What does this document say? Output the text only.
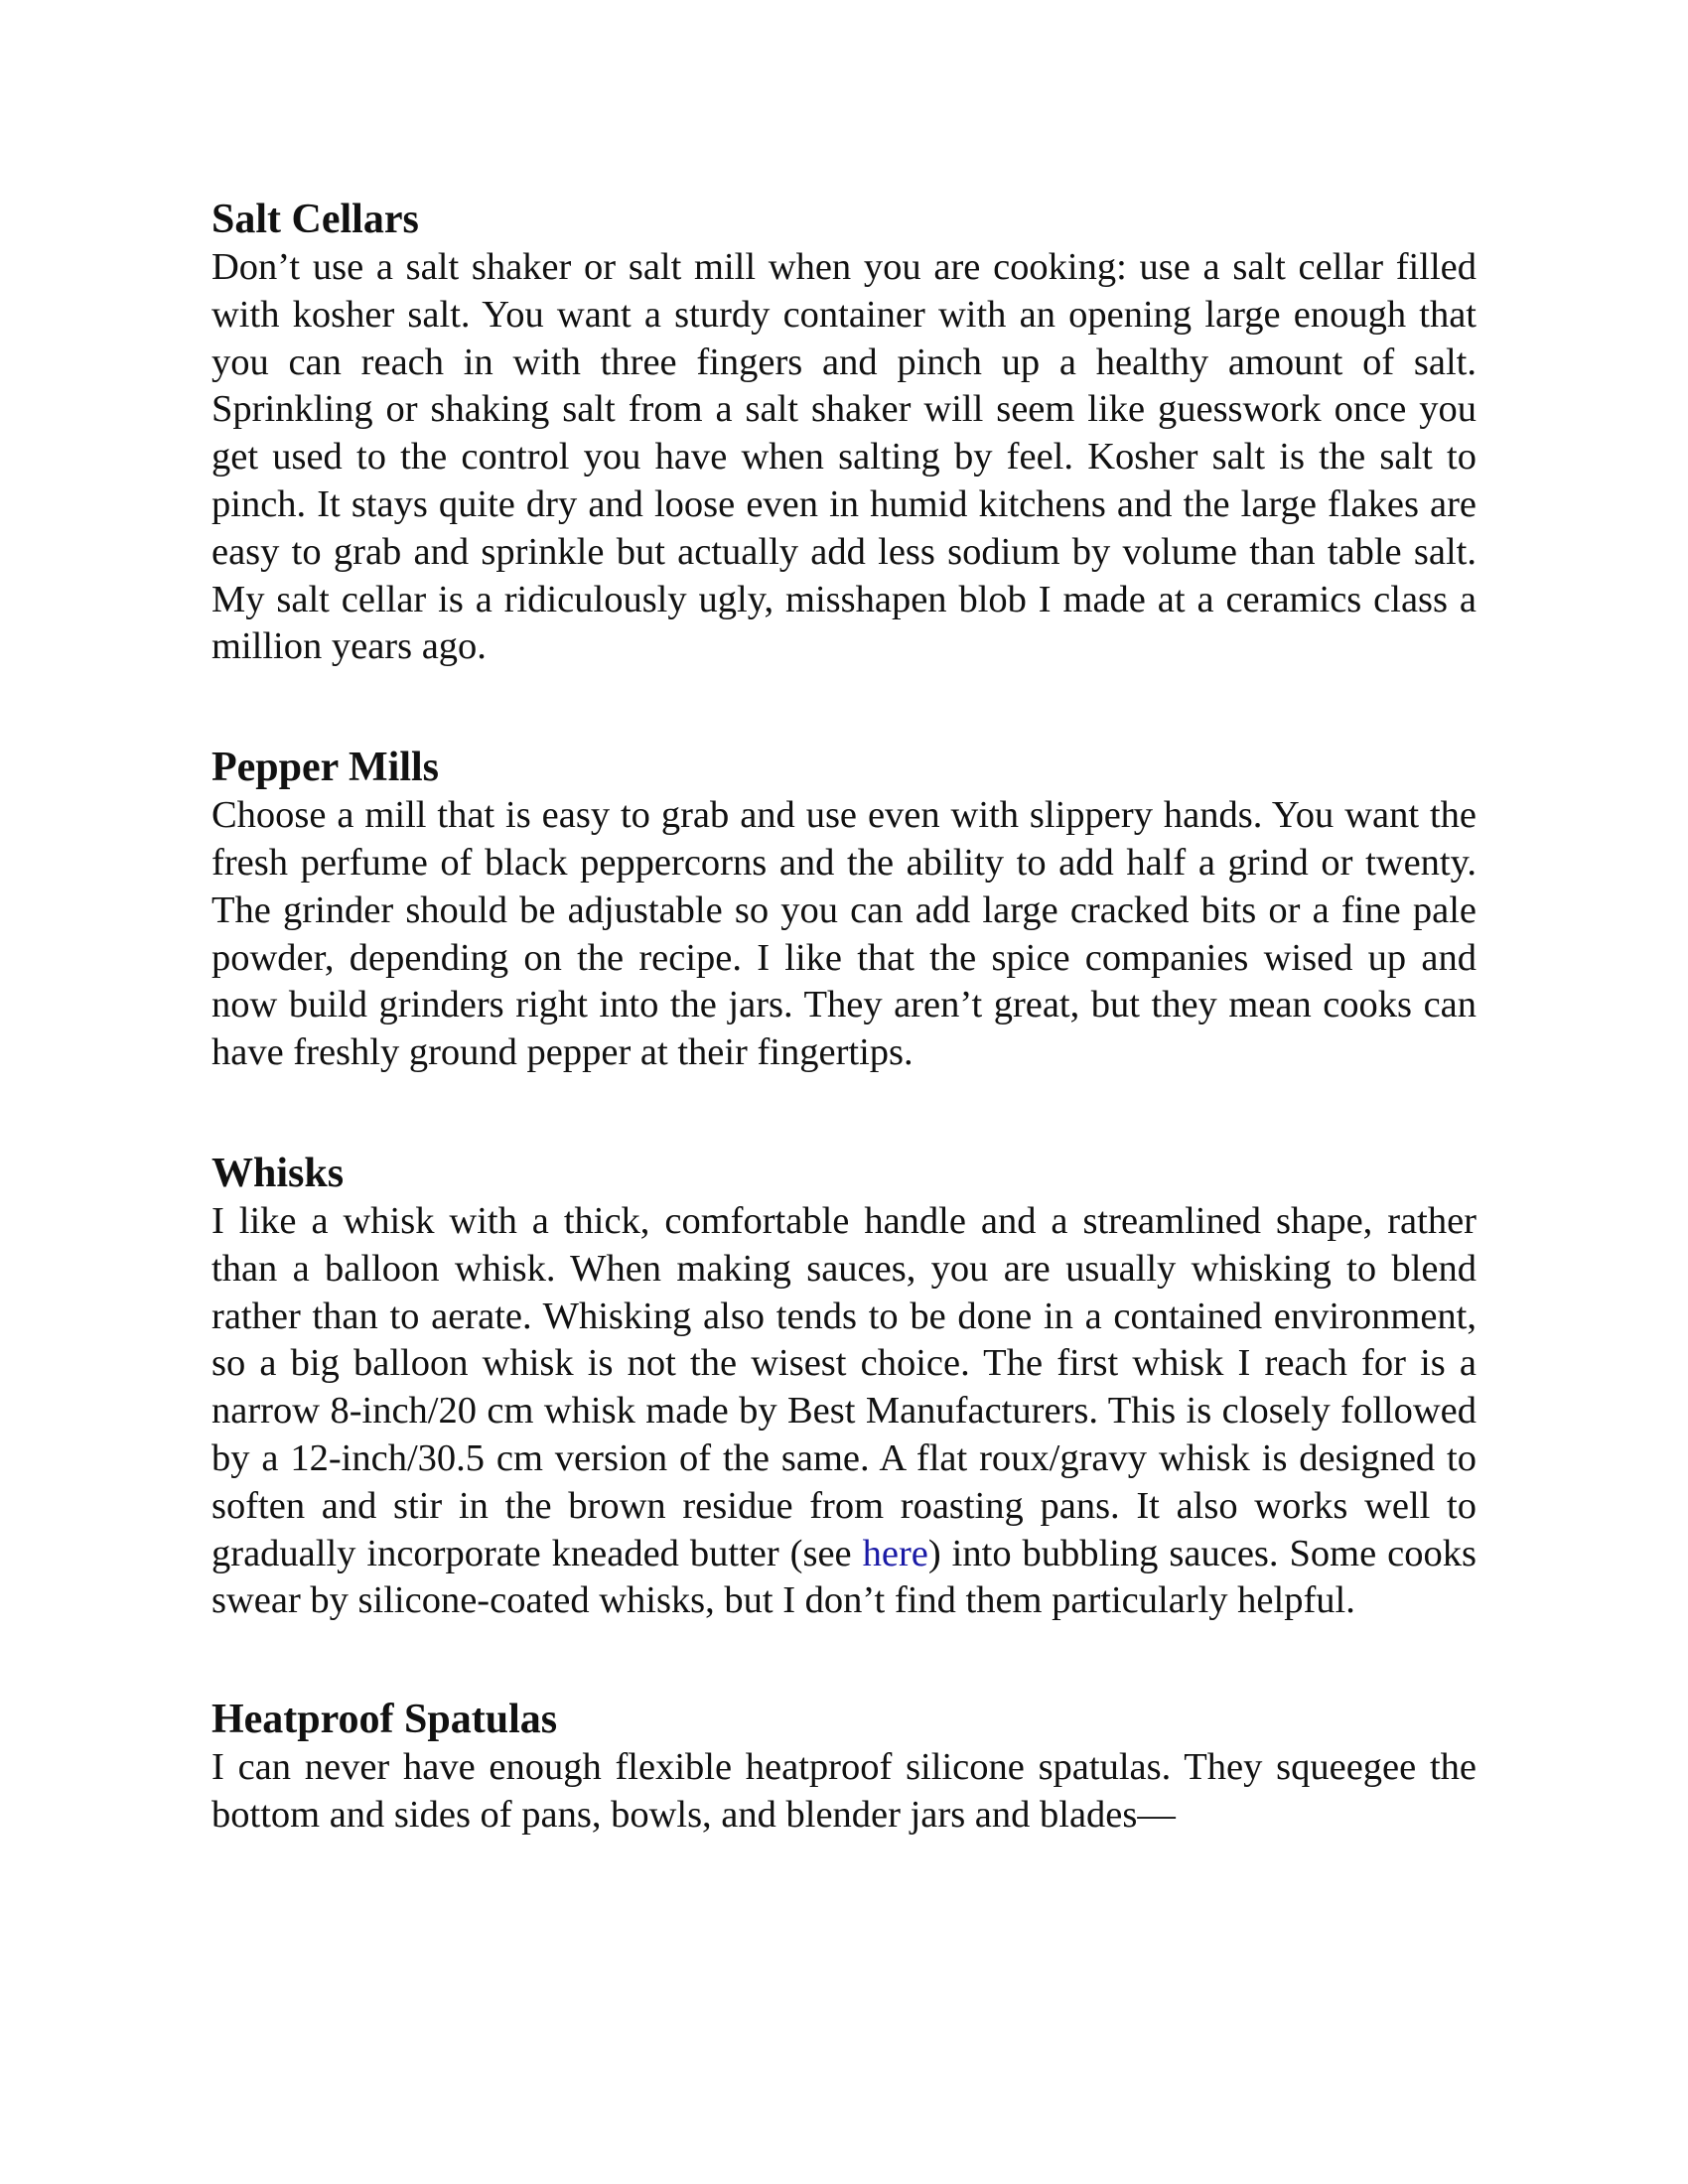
Salt Cellars

Don’t use a salt shaker or salt mill when you are cooking: use a salt cellar filled with kosher salt. You want a sturdy container with an opening large enough that you can reach in with three fingers and pinch up a healthy amount of salt. Sprinkling or shaking salt from a salt shaker will seem like guesswork once you get used to the control you have when salting by feel. Kosher salt is the salt to pinch. It stays quite dry and loose even in humid kitchens and the large flakes are easy to grab and sprinkle but actually add less sodium by volume than table salt. My salt cellar is a ridiculously ugly, misshapen blob I made at a ceramics class a million years ago.

Pepper Mills

Choose a mill that is easy to grab and use even with slippery hands. You want the fresh perfume of black peppercorns and the ability to add half a grind or twenty. The grinder should be adjustable so you can add large cracked bits or a fine pale powder, depending on the recipe. I like that the spice companies wised up and now build grinders right into the jars. They aren’t great, but they mean cooks can have freshly ground pepper at their fingertips.

Whisks

I like a whisk with a thick, comfortable handle and a streamlined shape, rather than a balloon whisk. When making sauces, you are usually whisking to blend rather than to aerate. Whisking also tends to be done in a contained environment, so a big balloon whisk is not the wisest choice. The first whisk I reach for is a narrow 8-inch/20 cm whisk made by Best Manufacturers. This is closely followed by a 12-inch/30.5 cm version of the same. A flat roux/gravy whisk is designed to soften and stir in the brown residue from roasting pans. It also works well to gradually incorporate kneaded butter (see here) into bubbling sauces. Some cooks swear by silicone-coated whisks, but I don’t find them particularly helpful.

Heatproof Spatulas

I can never have enough flexible heatproof silicone spatulas. They squeegee the bottom and sides of pans, bowls, and blender jars and blades—
